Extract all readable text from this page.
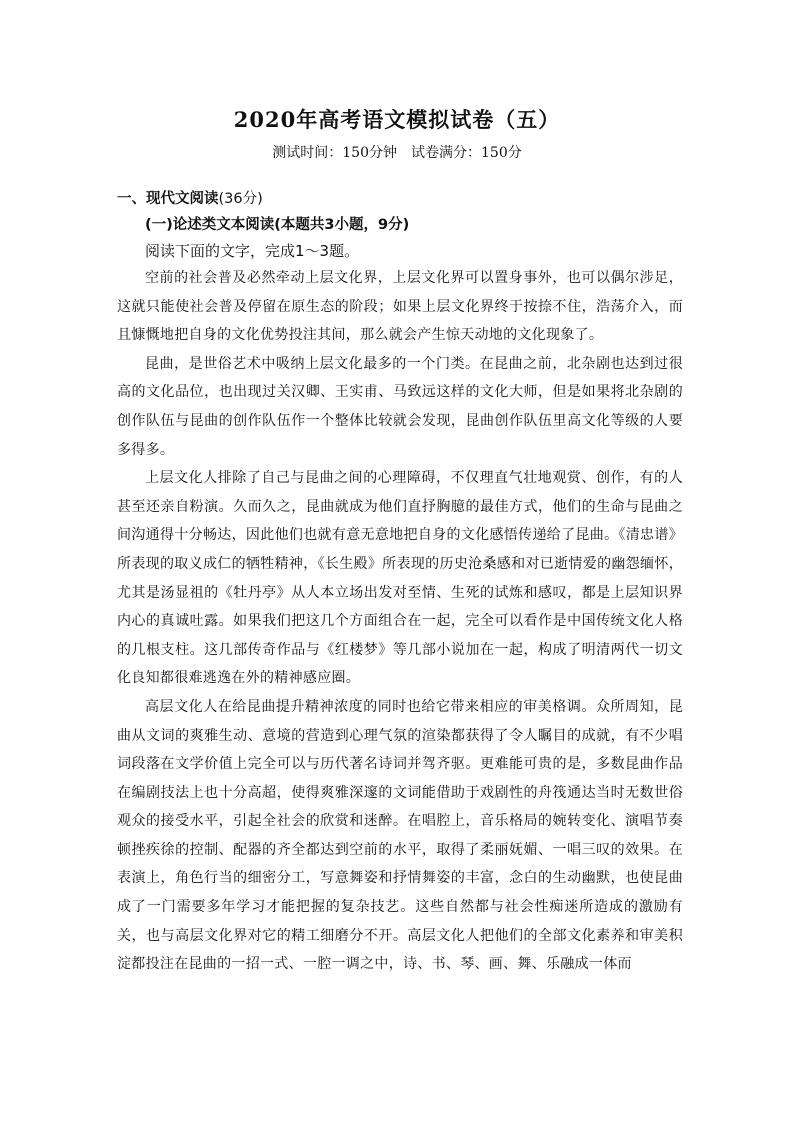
2020年高考语文模拟试卷（五）

测试时间：150分钟 试卷满分：150分

一、现代文阅读(36分)

(一)论述类文本阅读(本题共3小题，9分)

阅读下面的文字，完成1～3题。

空前的社会普及必然牵动上层文化界，上层文化界可以置身事外，也可以偶尔涉足，这就只能使社会普及停留在原生态的阶段；如果上层文化界终于按捺不住，浩荡介入，而且慷慨地把自身的文化优势投注其间，那么就会产生惊天动地的文化现象了。

昆曲，是世俗艺术中吸纳上层文化最多的一个门类。在昆曲之前，北杂剧也达到过很高的文化品位，也出现过关汉卿、王实甫、马致远这样的文化大师，但是如果将北杂剧的创作队伍与昆曲的创作队伍作一个整体比较就会发现，昆曲创作队伍里高文化等级的人要多得多。

上层文化人排除了自己与昆曲之间的心理障碍，不仅理直气壮地观赏、创作，有的人甚至还亲自粉演。久而久之，昆曲就成为他们直抒胸臆的最佳方式，他们的生命与昆曲之间沟通得十分畅达，因此他们也就有意无意地把自身的文化感悟传递给了昆曲。《清忠谱》所表现的取义成仁的牺牲精神，《长生殿》所表现的历史沧桑感和对已逝情爱的幽怨缅怀，尤其是汤显祖的《牡丹亭》从人本立场出发对至情、生死的试炼和感叹，都是上层知识界内心的真诚吐露。如果我们把这几个方面组合在一起，完全可以看作是中国传统文化人格的几根支柱。这几部传奇作品与《红楼梦》等几部小说加在一起，构成了明清两代一切文化良知都很难逃逸在外的精神感应圈。

高层文化人在给昆曲提升精神浓度的同时也给它带来相应的审美格调。众所周知，昆曲从文词的爽雅生动、意境的营造到心理气氛的渲染都获得了令人瞩目的成就，有不少唱词段落在文学价值上完全可以与历代著名诗词并驾齐驱。更难能可贵的是，多数昆曲作品在编剧技法上也十分高超，使得爽雅深邃的文词能借助于戏剧性的舟筏通达当时无数世俗观众的接受水平，引起全社会的欣赏和迷醉。在唱腔上，音乐格局的婉转变化、演唱节奏顿挫疾徐的控制、配器的齐全都达到空前的水平，取得了柔丽妩媚、一唱三叹的效果。在表演上，角色行当的细密分工，写意舞姿和抒情舞姿的丰富，念白的生动幽默，也使昆曲成了一门需要多年学习才能把握的复杂技艺。这些自然都与社会性痴迷所造成的激励有关，也与高层文化界对它的精工细磨分不开。高层文化人把他们的全部文化素养和审美积淀都投注在昆曲的一招一式、一腔一调之中，诗、书、琴、画、舞、乐融成一体而
